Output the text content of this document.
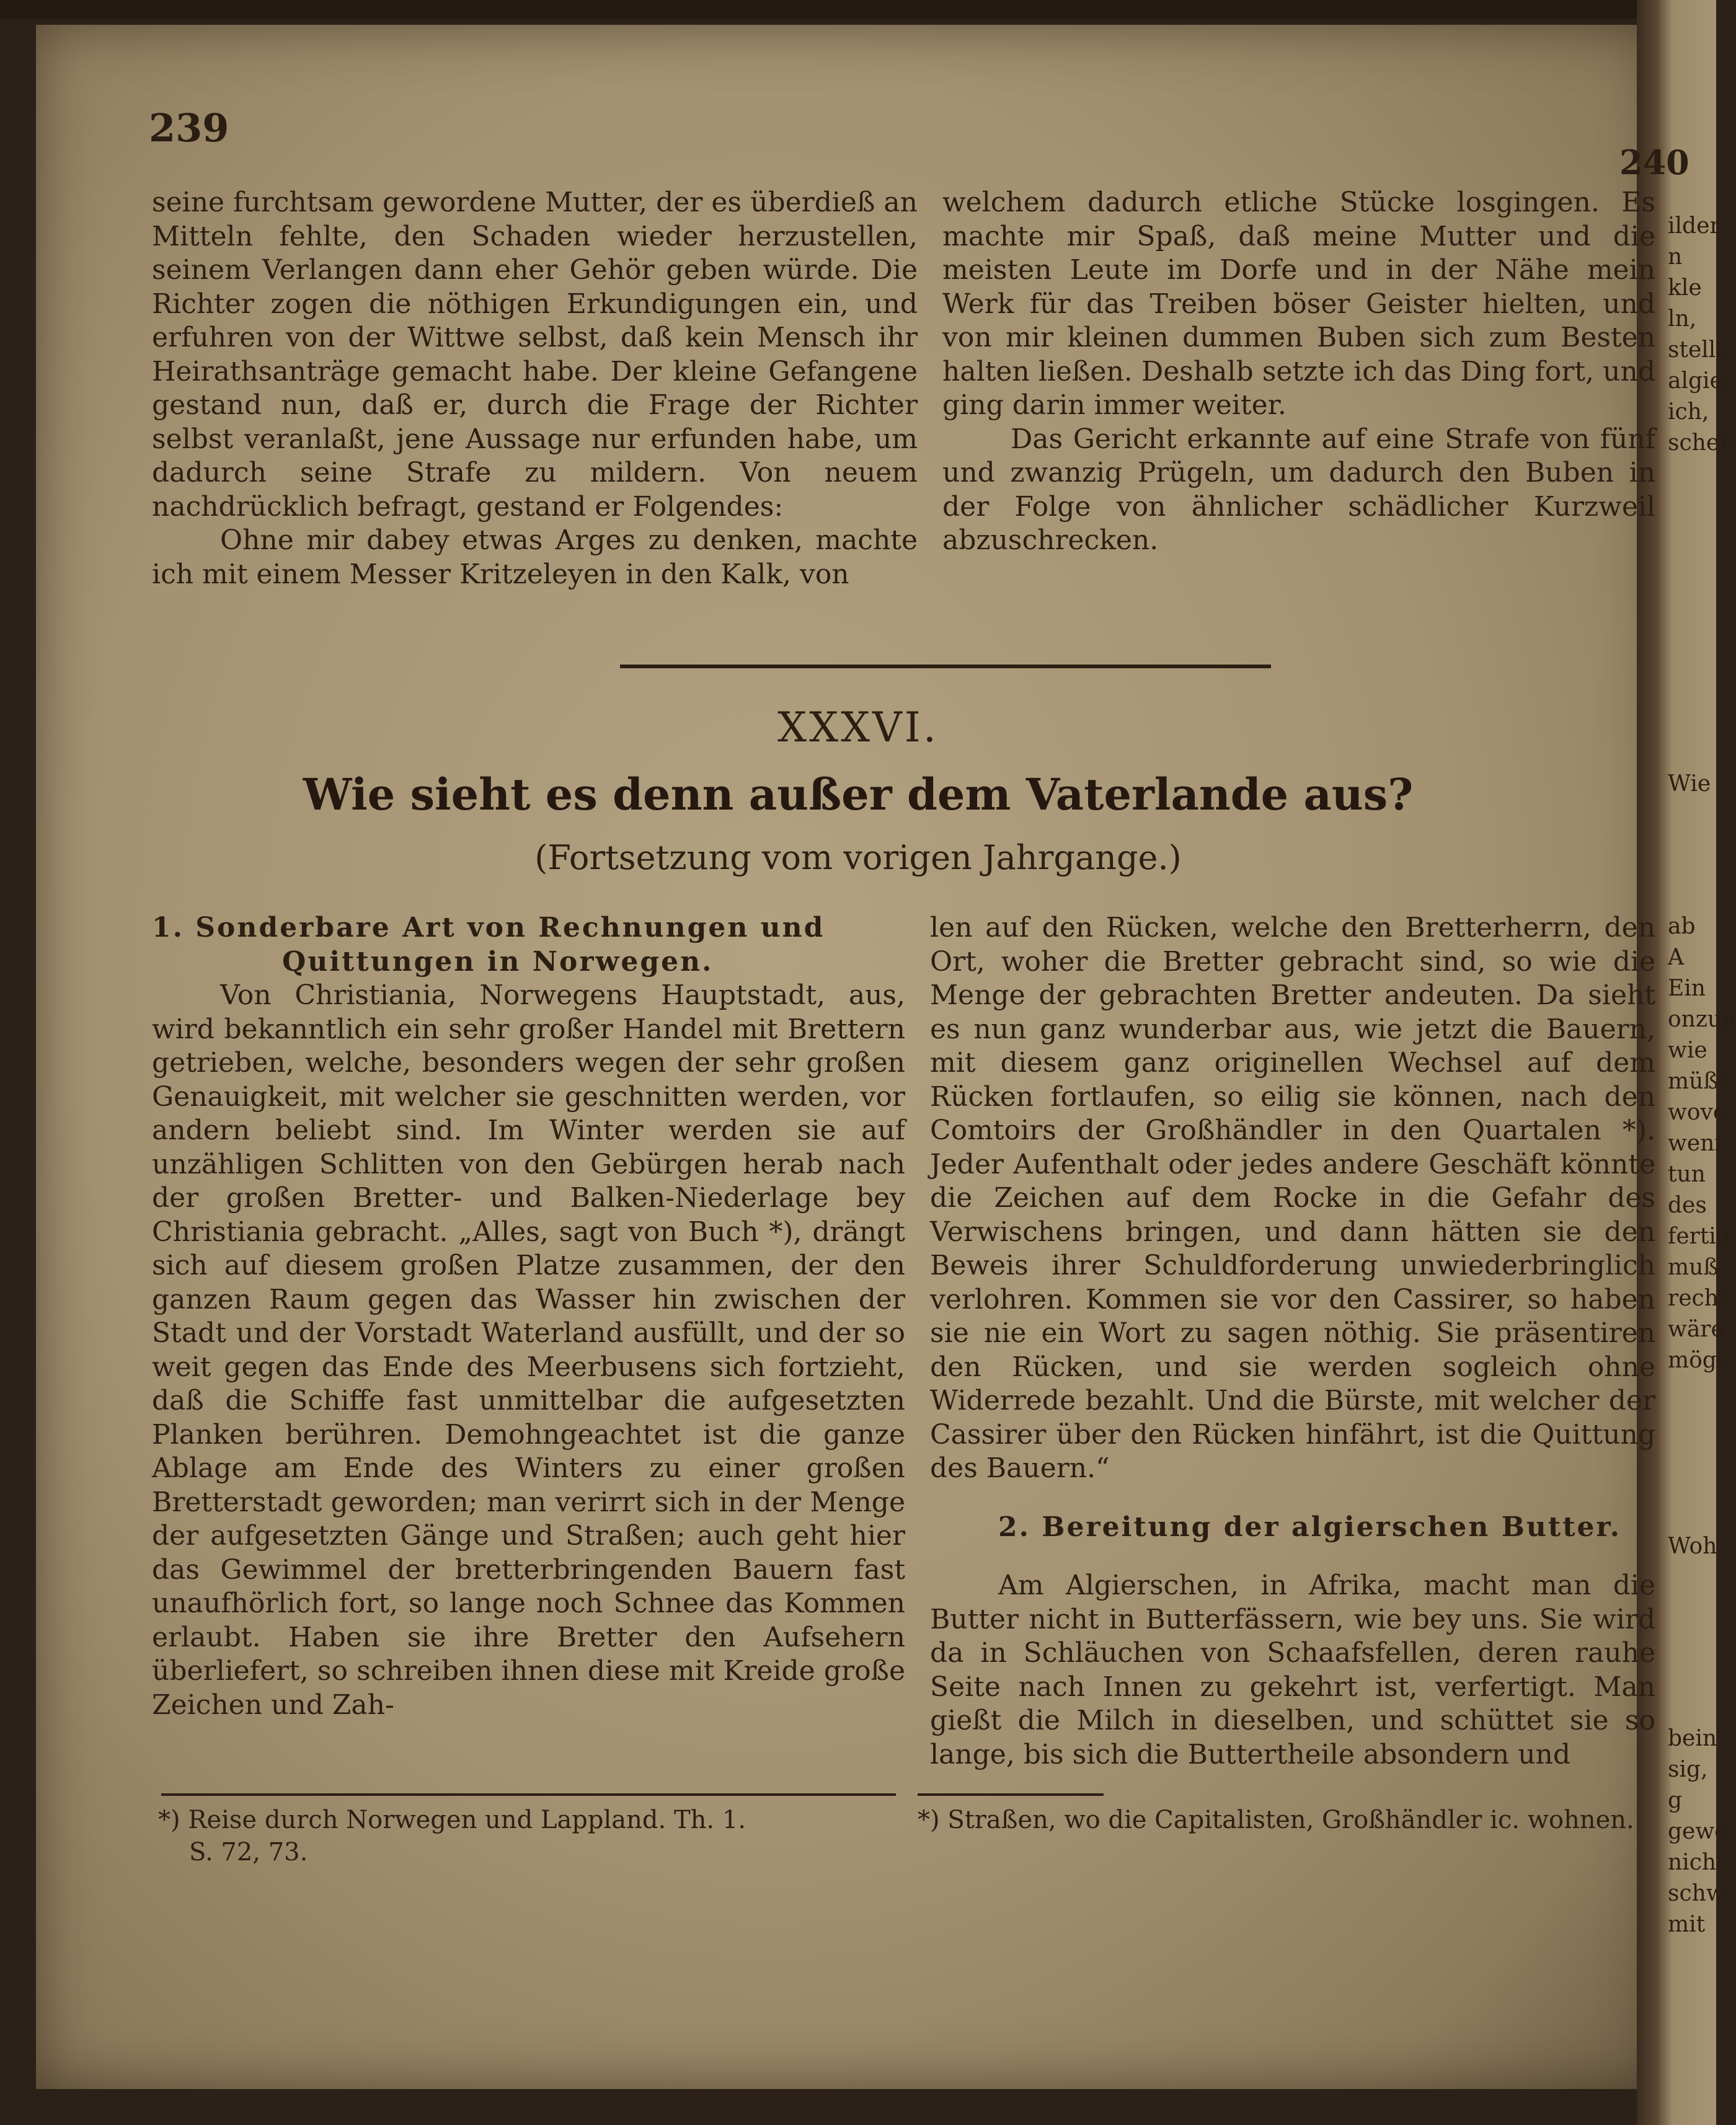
239
240

seine furchtsam gewordene Mutter, der es überdieß an Mitteln fehlte, den Schaden wieder herzustellen, seinem Verlangen dann eher Gehör geben würde. Die Richter zogen die nöthigen Erkundigungen ein, und erfuhren von der Wittwe selbst, daß kein Mensch ihr Heirathsanträge gemacht habe. Der kleine Gefangene gestand nun, daß er, durch die Frage der Richter selbst veranlaßt, jene Aussage nur erfunden habe, um dadurch seine Strafe zu mildern. Von neuem nachdrücklich befragt, gestand er Folgendes:

Ohne mir dabey etwas Arges zu denken, machte ich mit einem Messer Kritzeleyen in den Kalk, von

welchem dadurch etliche Stücke losgingen. Es machte mir Spaß, daß meine Mutter und die meisten Leute im Dorfe und in der Nähe mein Werk für das Treiben böser Geister hielten, und von mir kleinen dummen Buben sich zum Besten halten ließen. Deshalb setzte ich das Ding fort, und ging darin immer weiter.

Das Gericht erkannte auf eine Strafe von fünf und zwanzig Prügeln, um dadurch den Buben in der Folge von ähnlicher schädlicher Kurzweil abzuschrecken.

XXXVI.
Wie sieht es denn außer dem Vaterlande aus?
(Fortsetzung vom vorigen Jahrgange.)

1. Sonderbare Art von Rechnungen und
Quittungen in Norwegen.

Von Christiania, Norwegens Hauptstadt, aus, wird bekanntlich ein sehr großer Handel mit Brettern getrieben, welche, besonders wegen der sehr großen Genauigkeit, mit welcher sie geschnitten werden, vor andern beliebt sind. Im Winter werden sie auf unzähligen Schlitten von den Gebürgen herab nach der großen Bretter- und Balken-Niederlage bey Christiania gebracht. „Alles, sagt von Buch *), drängt sich auf diesem großen Platze zusammen, der den ganzen Raum gegen das Wasser hin zwischen der Stadt und der Vorstadt Waterland ausfüllt, und der so weit gegen das Ende des Meerbusens sich fortzieht, daß die Schiffe fast unmittelbar die aufgesetzten Planken berühren. Demohngeachtet ist die ganze Ablage am Ende des Winters zu einer großen Bretterstadt geworden; man verirrt sich in der Menge der aufgesetzten Gänge und Straßen; auch geht hier das Gewimmel der bretterbringenden Bauern fast unaufhörlich fort, so lange noch Schnee das Kommen erlaubt. Haben sie ihre Bretter den Aufsehern überliefert, so schreiben ihnen diese mit Kreide große Zeichen und Zah-

len auf den Rücken, welche den Bretterherrn, den Ort, woher die Bretter gebracht sind, so wie die Menge der gebrachten Bretter andeuten. Da sieht es nun ganz wunderbar aus, wie jetzt die Bauern, mit diesem ganz originellen Wechsel auf dem Rücken fortlaufen, so eilig sie können, nach den Comtoirs der Großhändler in den Quartalen *). Jeder Aufenthalt oder jedes andere Geschäft könnte die Zeichen auf dem Rocke in die Gefahr des Verwischens bringen, und dann hätten sie den Beweis ihrer Schuldforderung unwiederbringlich verlohren. Kommen sie vor den Cassirer, so haben sie nie ein Wort zu sagen nöthig. Sie präsentiren den Rücken, und sie werden sogleich ohne Widerrede bezahlt. Und die Bürste, mit welcher der Cassirer über den Rücken hinfährt, ist die Quittung des Bauern.“

2. Bereitung der algierschen Butter.

Am Algierschen, in Afrika, macht man die Butter nicht in Butterfässern, wie bey uns. Sie wird da in Schläuchen von Schaafsfellen, deren rauhe Seite nach Innen zu gekehrt ist, verfertigt. Man gießt die Milch in dieselben, und schüttet sie so lange, bis sich die Buttertheile absondern und

*) Reise durch Norwegen und Lappland. Th. 1.
S. 72, 73.
*) Straßen, wo die Capitalisten, Großhändler ic. wohnen.
ilder n kle ln, stellt, algier ich, schen
Wie
ab A Ein onzun wie müßt wovo weni tun des fertig muß recht wäre mögl
Woh
bein sig, g gewö nicht schw mit
